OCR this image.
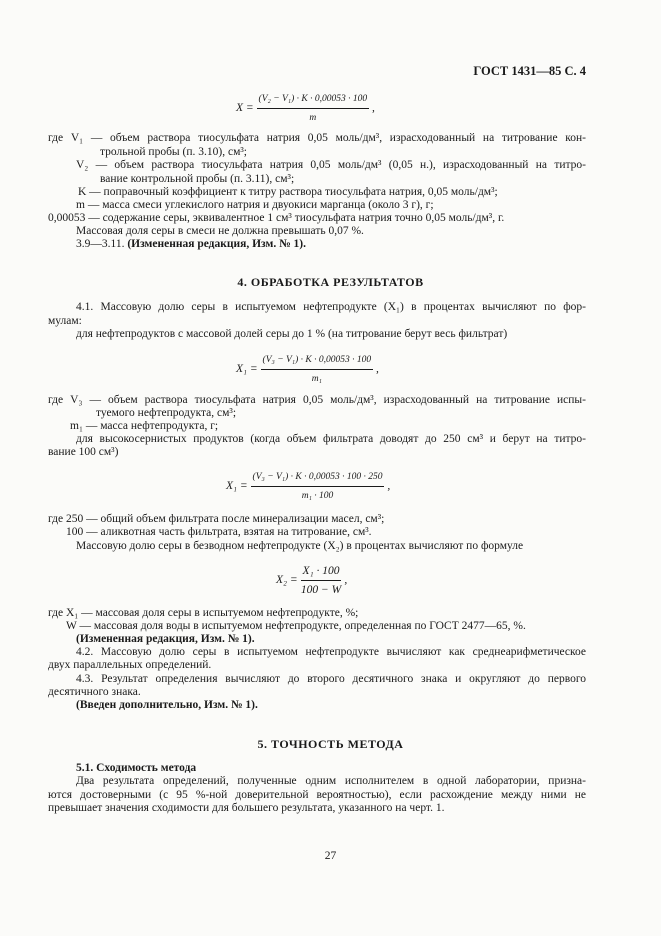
ГОСТ 1431—85 С. 4
$X = \frac{\text{(V₂ − V₁) · K · 0,00053 · 100}}{m}$ ,
где V₁ — объем раствора тиосульфата натрия 0,05 моль/дм³, израсходованный на титрование кон-
трольной пробы (п. 3.10), см³;
V₂ — объем раствора тиосульфата натрия 0,05 моль/дм³ (0,05 н.), израсходованный на титро-
вание контрольной пробы (п. 3.11), см³;
K — поправочный коэффициент к титру раствора тиосульфата натрия, 0,05 моль/дм³;
m — масса смеси углекислого натрия и двуокиси марганца (около 3 г), г;
0,00053 — содержание серы, эквивалентное 1 см³ тиосульфата натрия точно 0,05 моль/дм³, г.
Массовая доля серы в смеси не должна превышать 0,07 %.
3.9—3.11. (Измененная редакция, Изм. № 1).
4. ОБРАБОТКА РЕЗУЛЬТАТОВ
4.1. Массовую долю серы в испытуемом нефтепродукте (X₁) в процентах вычисляют по фор-
мулам:
для нефтепродуктов с массовой долей серы до 1 % (на титрование берут весь фильтрат)
$X_1 = \frac{\text{(V₃ − V₁) · K · 0,00053 · 100}}{\text{m₁}}$ ,
где V₃ — объем раствора тиосульфата натрия 0,05 моль/дм³, израсходованный на титрование испы-
туемого нефтепродукта, см³;
m₁ — масса нефтепродукта, г;
для высокосернистых продуктов (когда объем фильтрата доводят до 250 см³ и берут на титро-
вание 100 см³)
$X_1 = \frac{\text{(V₃ − V₁) · K · 0,00053 · 100 · 250}}{\text{m₁ · 100}}$ ,
где 250 — общий объем фильтрата после минерализации масел, см³;
100 — аликвотная часть фильтрата, взятая на титрование, см³.
Массовую долю серы в безводном нефтепродукте (X₂) в процентах вычисляют по формуле
$X_2 = \frac{\text{X₁ · 100}}{100 - W}$ ,
где X₁ — массовая доля серы в испытуемом нефтепродукте, %;
W — массовая доля воды в испытуемом нефтепродукте, определенная по ГОСТ 2477—65, %.
(Измененная редакция, Изм. № 1).
4.2. Массовую долю серы в испытуемом нефтепродукте вычисляют как среднеарифметическое
двух параллельных определений.
4.3. Результат определения вычисляют до второго десятичного знака и округляют до первого
десятичного знака.
(Введен дополнительно, Изм. № 1).
5. ТОЧНОСТЬ МЕТОДА
5.1. Сходимость метода
Два результата определений, полученные одним исполнителем в одной лаборатории, призна-
ются достоверными (с 95 %-ной доверительной вероятностью), если расхождение между ними не
превышает значения сходимости для большего результата, указанного на черт. 1.
27
